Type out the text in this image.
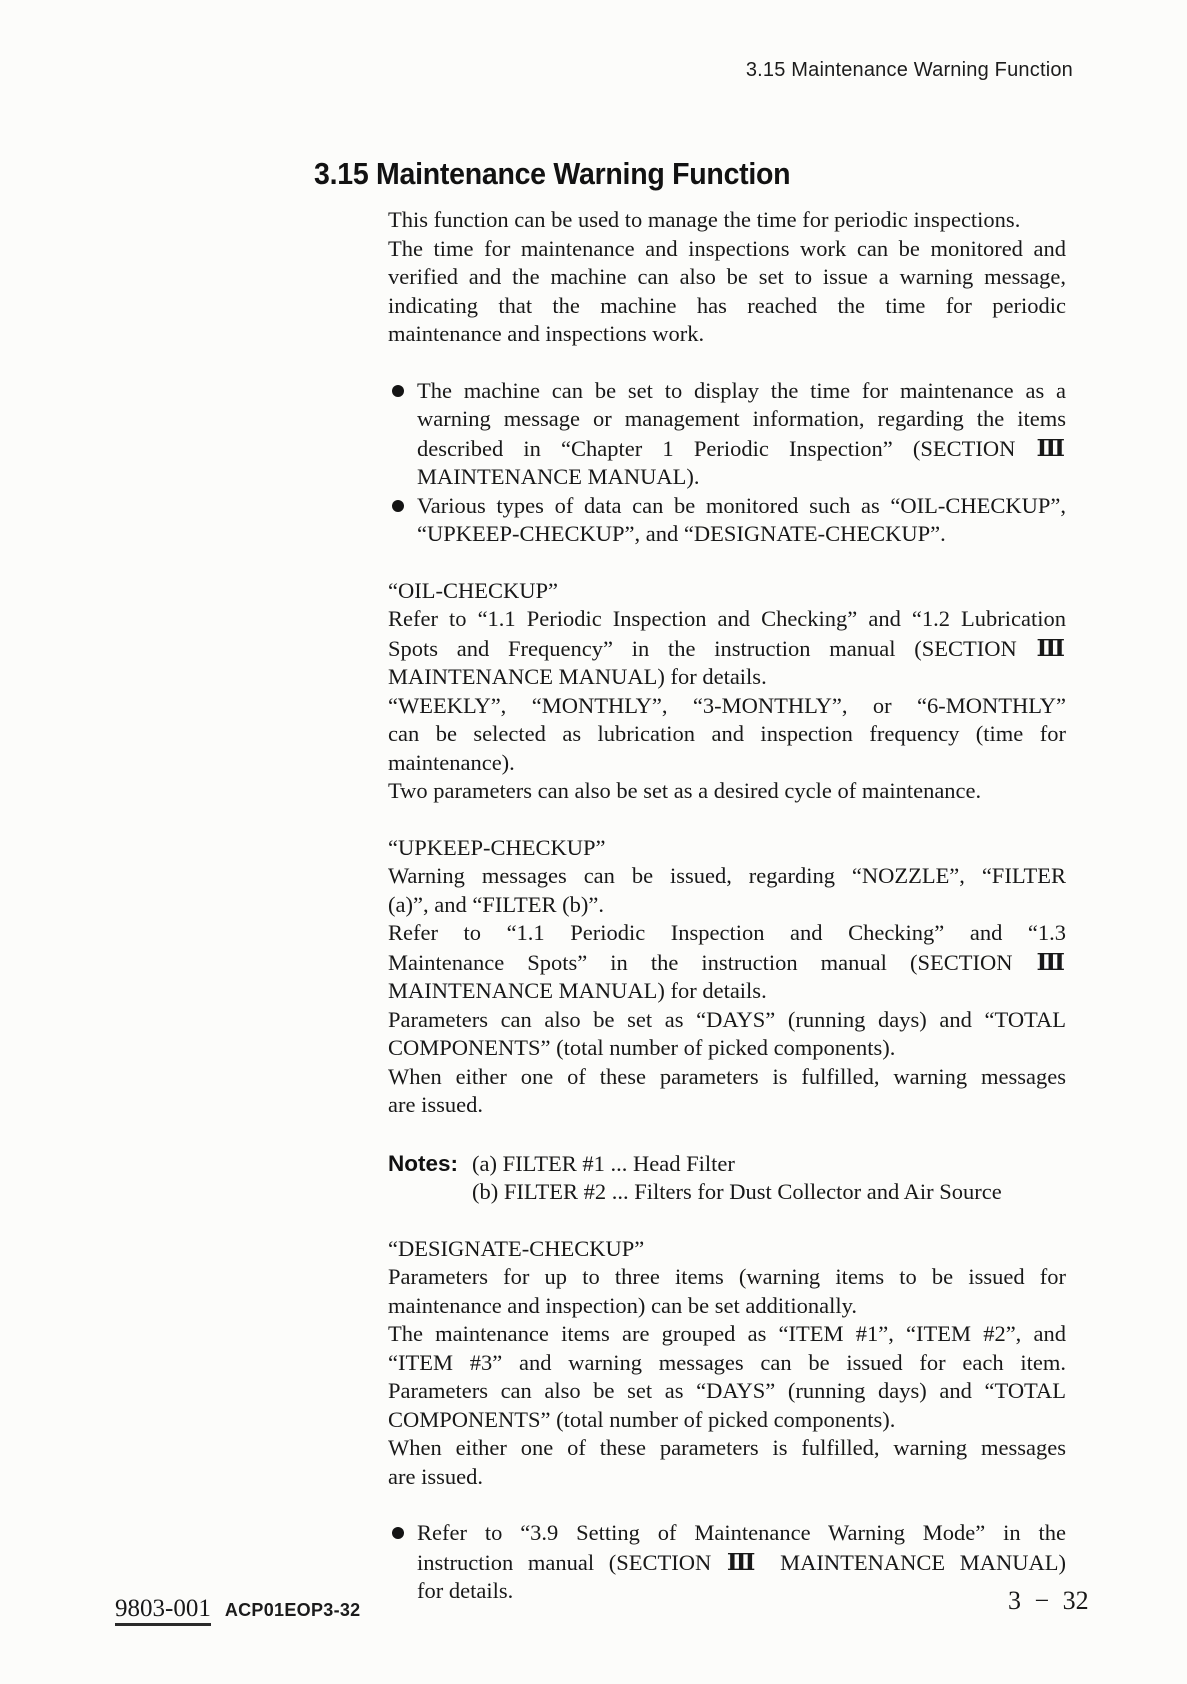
3.15 Maintenance Warning Function
3.15 Maintenance Warning Function
This function can be used to manage the time for periodic inspections.
The time for maintenance and inspections work can be monitored and
verified and the machine can also be set to issue a warning message,
indicating that the machine has reached the time for periodic
maintenance and inspections work.
The machine can be set to display the time for maintenance as a
warning message or management information, regarding the items
described in “Chapter 1 Periodic Inspection” (SECTION Ⅲ
MAINTENANCE MANUAL).
Various types of data can be monitored such as “OIL-CHECKUP”,
“UPKEEP-CHECKUP”, and “DESIGNATE-CHECKUP”.
“OIL-CHECKUP”
Refer to “1.1 Periodic Inspection and Checking” and “1.2 Lubrication
Spots and Frequency” in the instruction manual (SECTION Ⅲ
MAINTENANCE MANUAL) for details.
“WEEKLY”, “MONTHLY”, “3-MONTHLY”, or “6-MONTHLY”
can be selected as lubrication and inspection frequency (time for
maintenance).
Two parameters can also be set as a desired cycle of maintenance.
“UPKEEP-CHECKUP”
Warning messages can be issued, regarding “NOZZLE”, “FILTER
(a)”, and “FILTER (b)”.
Refer to “1.1 Periodic Inspection and Checking” and “1.3
Maintenance Spots” in the instruction manual (SECTION Ⅲ
MAINTENANCE MANUAL) for details.
Parameters can also be set as “DAYS” (running days) and “TOTAL
COMPONENTS” (total number of picked components).
When either one of these parameters is fulfilled, warning messages
are issued.
Notes: (a) FILTER #1 ... Head Filter
(b) FILTER #2 ... Filters for Dust Collector and Air Source
“DESIGNATE-CHECKUP”
Parameters for up to three items (warning items to be issued for
maintenance and inspection) can be set additionally.
The maintenance items are grouped as “ITEM #1”, “ITEM #2”, and
“ITEM #3” and warning messages can be issued for each item.
Parameters can also be set as “DAYS” (running days) and “TOTAL
COMPONENTS” (total number of picked components).
When either one of these parameters is fulfilled, warning messages
are issued.
Refer to “3.9 Setting of Maintenance Warning Mode” in the
instruction manual (SECTION Ⅲ MAINTENANCE MANUAL)
for details.
9803-001 ACP01EOP3-32	3 − 32
